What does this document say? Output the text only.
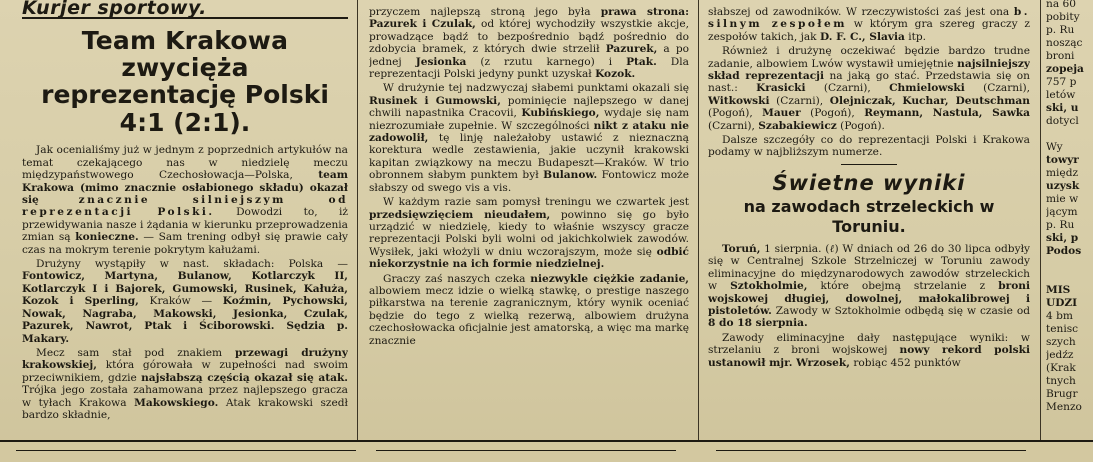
Kurjer sportowy.
Team Krakowa zwycięża
reprezentację Polski 4:1 (2:1).

Jak ocenialiśmy już w jednym z poprzednich artykułów na temat czekającego nas w niedzielę meczu międzypaństwowego Czechosłowacja—Polska, team Krakowa (mimo znacznie osłabionego składu) okazał się	znacznie silniejszym od reprezentacji Polski. Dowodzi to, iż przewidywania nasze i żądania w kierunku przeprowadzenia zmian są konieczne. — Sam trening odbył się prawie cały czas na mokrym terenie pokrytym kałużami.

Drużyny wystąpiły w nast. składach: Polska — Fontowicz, Martyna, Bulanow, Kotlarczyk II, Kotlarczyk I i Bajorek, Gumowski, Rusinek, Kałuża, Kozok i Sperling, Kraków — Koźmin, Pychowski, Nowak, Nagraba, Makowski, Jesionka, Czulak, Pazurek, Nawrot, Ptak i Ściborowski. Sędzia p. Makary.

Mecz sam stał pod znakiem przewagi drużyny krakowskiej, która górowała w zupełności nad swoim przeciwnikiem, gdzie najsłabszą częścią okazał się atak. Trójka jego została zahamowana przez najlepszego gracza w tyłach Krakowa Makowskiego. Atak krakowski szedł bardzo składnie,

przyczem najlepszą stroną jego była prawa strona: Pazurek i Czulak, od której wychodziły wszystkie akcje, prowadzące bądź to bezpośrednio bądź pośrednio do zdobycia bramek, z których dwie strzelił Pazurek, a po jednej Jesionka (z rzutu karnego) i Ptak. Dla reprezentacji Polski jedyny punkt uzyskał Kozok.

W drużynie tej nadzwyczaj słabemi punktami okazali się Rusinek i Gumowski, pominięcie najlepszego w danej chwili napastnika Cracovii, Kubińskiego, wydaje się nam niezrozumiałe zupełnie. W szczególności nikt z ataku nie zadowolił, tę linję należałoby ustawić z nieznaczną korektura wedle zestawienia, jakie uczynił krakowski kapitan związkowy na meczu Budapeszt—Kraków. W trio obronnem słabym punktem był Bulanow. Fontowicz może słabszy od swego vis a vis.

W każdym razie sam pomysł treningu we czwartek jest przedsięwzięciem nieudałem, powinno się go było urządzić w niedzielę, kiedy to właśnie wszyscy gracze reprezentacji Polski byli wolni od jakichkolwiek zawodów. Wysiłek, jaki włożyli w dniu wczorajszym, może się odbić niekorzystnie na ich formie niedzielnej.

Graczy zaś naszych czeka niezwykle ciężkie zadanie, albowiem mecz idzie o wielką stawkę, o prestige naszego piłkarstwa na terenie zagranicznym, który wynik oceniać będzie do tego z wielką rezerwą, albowiem drużyna czechosłowacka oficjalnie jest amatorską, a więc ma markę znacznie

słabszej od zawodników. W rzeczywistości zaś jest ona b. silnym zespołem w którym gra szereg graczy z zespołów takich, jak D. F. C., Slavia itp.

Również i drużynę oczekiwać będzie bardzo trudne zadanie, albowiem Lwów wystawił umiejętnie najsilniejszy skład reprezentacji na jaką go stać. Przedstawia się on nast.: Krasicki (Czarni), Chmielowski (Czarni), Witkowski (Czarni), Olejniczak, Kuchar, Deutschman (Pogoń), Mauer (Pogoń), Reymann, Nastula, Sawka (Czarni), Szabakiewicz (Pogoń).

Dalsze szczegóły co do reprezentacji Polski i Krakowa podamy w najbliższym numerze.

Świetne wyniki
na zawodach strzeleckich w Toruniu.

Toruń, 1 sierpnia. (ℓ) W dniach od 26 do 30 lipca odbyły się w Centralnej Szkole Strzelniczej w Toruniu zawody eliminacyjne do międzynarodowych zawodów strzeleckich w Sztokholmie, które obejmą strzelanie z broni wojskowej długiej, dowolnej, małokalibrowej i pistoletów. Zawody w Sztokholmie odbędą się w czasie od 8 do 18 sierpnia.

Zawody eliminacyjne dały następujące wyniki: w strzelaniu z broni wojskowej nowy rekord polski ustanowił mjr. Wrzosek, robiąc 452 punktów

na 60
pobity
p. Ru
nosząc
broni
zopeja
757 p
letów
ski, u
dotycl

Wy
towyr
międz
uzysk
mie w
jącym
p. Ru
ski, p
Podos

MIS
UDZI
4 bm
tenisc
szych
jedźz
(Krak
tnych
Brugr
Menzo
